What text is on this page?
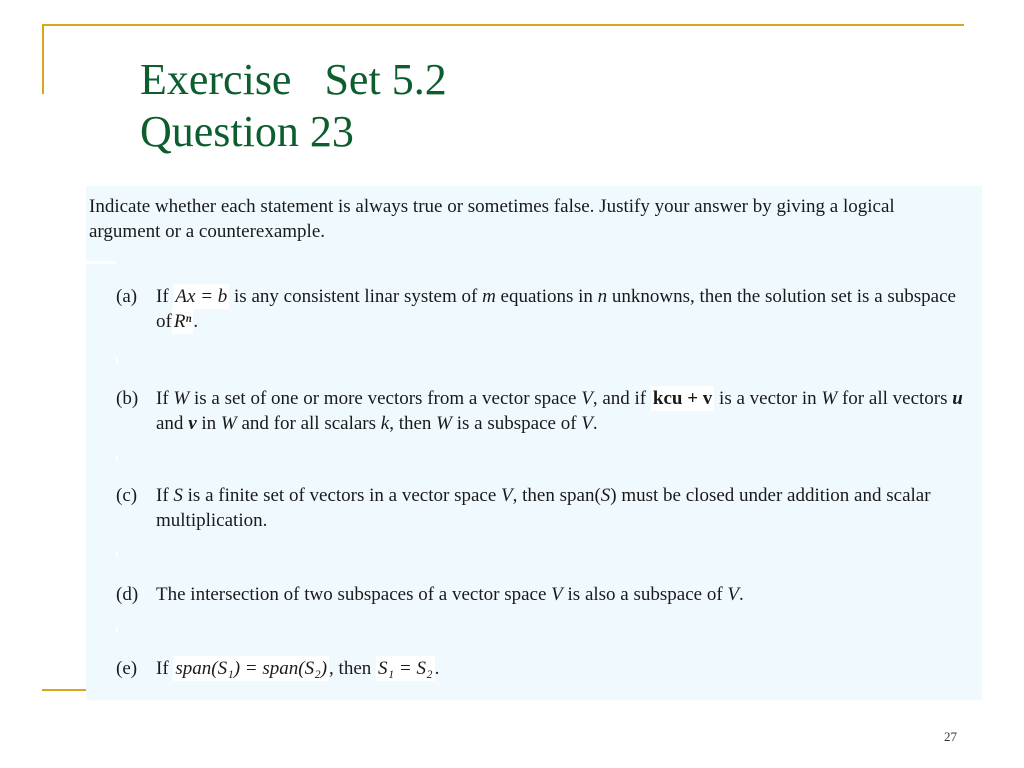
Exercise   Set 5.2
Question 23
Indicate whether each statement is always true or sometimes false. Justify your answer by giving a logical argument or a counterexample.
(a) If Ax = b is any consistent linar system of m equations in n unknowns, then the solution set is a subspace of Rⁿ .
(b) If W is a set of one or more vectors from a vector space V, and if kcu + v is a vector in W for all vectors u and v in W and for all scalars k, then W is a subspace of V.
(c) If S is a finite set of vectors in a vector space V, then span(S) must be closed under addition and scalar multiplication.
(d) The intersection of two subspaces of a vector space V is also a subspace of V.
(e) If span(S₁) = span(S₂) , then S₁ = S₂ .
27
